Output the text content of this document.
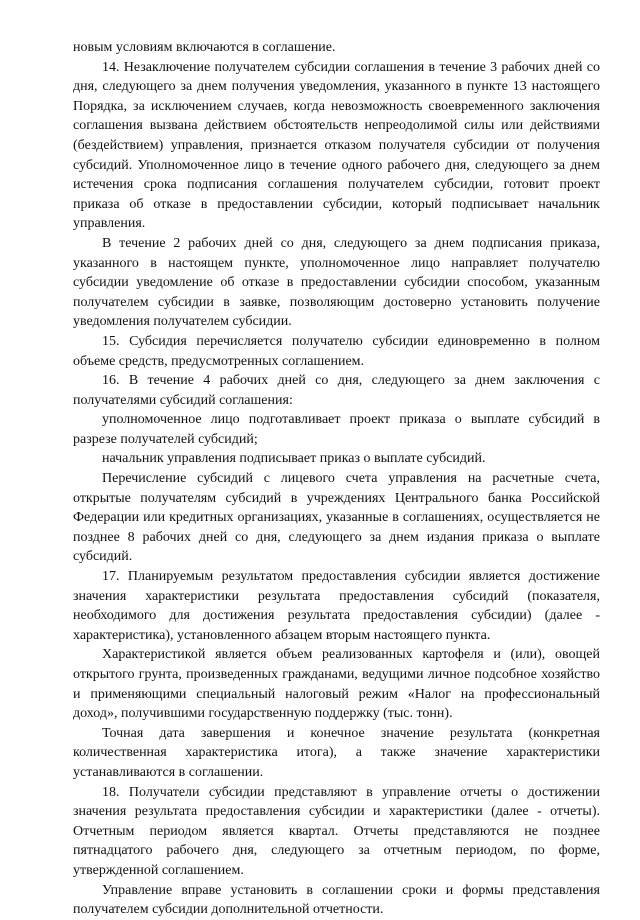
новым условиям включаются в соглашение.

14. Незаключение получателем субсидии соглашения в течение 3 рабочих дней со дня, следующего за днем получения уведомления, указанного в пункте 13 настоящего Порядка, за исключением случаев, когда невозможность своевременного заключения соглашения вызвана действием обстоятельств непреодолимой силы или действиями (бездействием) управления, признается отказом получателя субсидии от получения субсидий. Уполномоченное лицо в течение одного рабочего дня, следующего за днем истечения срока подписания соглашения получателем субсидии, готовит проект приказа об отказе в предоставлении субсидии, который подписывает начальник управления.

В течение 2 рабочих дней со дня, следующего за днем подписания приказа, указанного в настоящем пункте, уполномоченное лицо направляет получателю субсидии уведомление об отказе в предоставлении субсидии способом, указанным получателем субсидии в заявке, позволяющим достоверно установить получение уведомления получателем субсидии.

15. Субсидия перечисляется получателю субсидии единовременно в полном объеме средств, предусмотренных соглашением.

16. В течение 4 рабочих дней со дня, следующего за днем заключения с получателями субсидий соглашения:

уполномоченное лицо подготавливает проект приказа о выплате субсидий в разрезе получателей субсидий;

начальник управления подписывает приказ о выплате субсидий.

Перечисление субсидий с лицевого счета управления на расчетные счета, открытые получателям субсидий в учреждениях Центрального банка Российской Федерации или кредитных организациях, указанные в соглашениях, осуществляется не позднее 8 рабочих дней со дня, следующего за днем издания приказа о выплате субсидий.

17. Планируемым результатом предоставления субсидии является достижение значения характеристики результата предоставления субсидий (показателя, необходимого для достижения результата предоставления субсидии) (далее - характеристика), установленного абзацем вторым настоящего пункта.

Характеристикой является объем реализованных картофеля и (или), овощей открытого грунта, произведенных гражданами, ведущими личное подсобное хозяйство и применяющими специальный налоговый режим «Налог на профессиональный доход», получившими государственную поддержку (тыс. тонн).

Точная дата завершения и конечное значение результата (конкретная количественная характеристика итога), а также значение характеристики устанавливаются в соглашении.

18. Получатели субсидии представляют в управление отчеты о достижении значения результата предоставления субсидии и характеристики (далее - отчеты). Отчетным периодом является квартал. Отчеты представляются не позднее пятнадцатого рабочего дня, следующего за отчетным периодом, по форме, утвержденной соглашением.

Управление вправе установить в соглашении сроки и формы представления получателем субсидии дополнительной отчетности.
